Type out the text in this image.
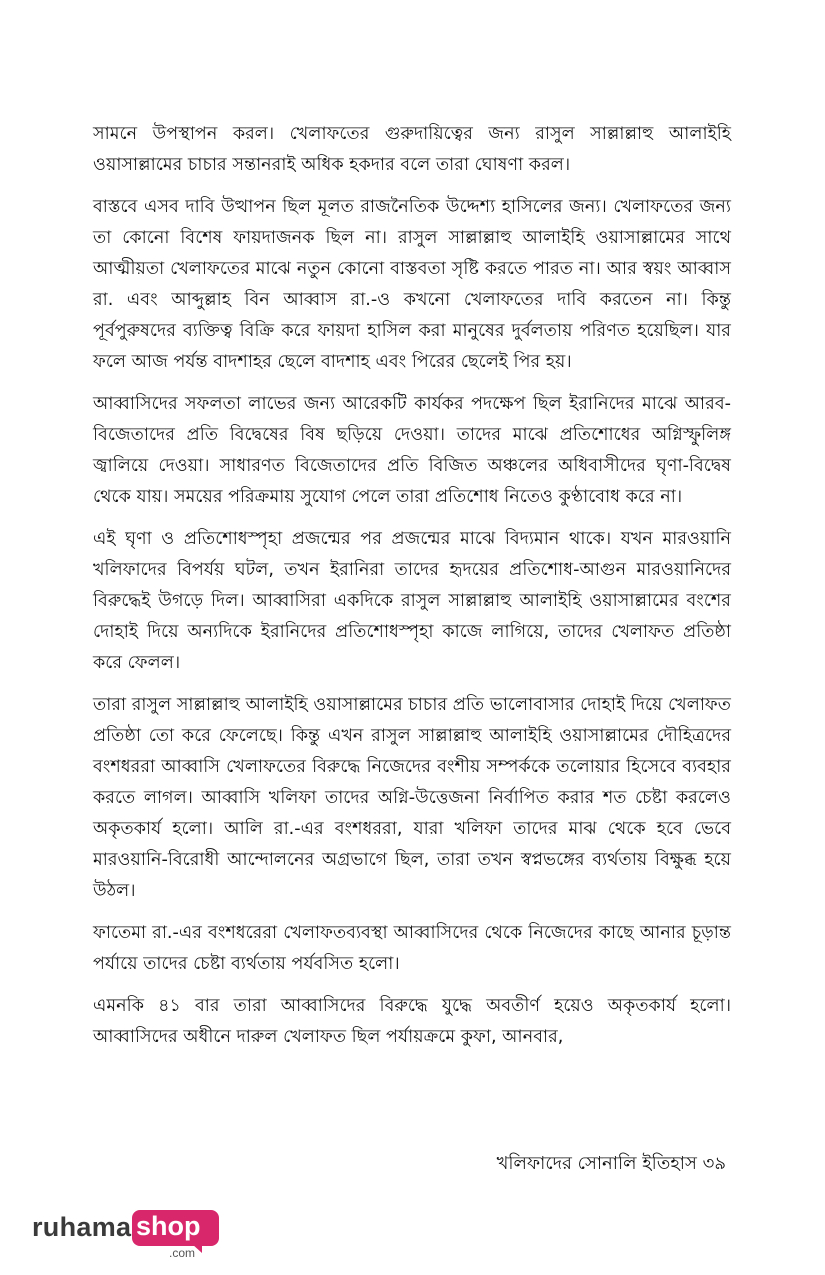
সামনে উপস্থাপন করল। খেলাফতের গুরুদায়িত্বের জন্য রাসুল সাল্লাল্লাহু আলাইহি ওয়াসাল্লামের চাচার সন্তানরাই অধিক হকদার বলে তারা ঘোষণা করল।

বাস্তবে এসব দাবি উত্থাপন ছিল মূলত রাজনৈতিক উদ্দেশ্য হাসিলের জন্য। খেলাফতের জন্য তা কোনো বিশেষ ফায়দাজনক ছিল না। রাসুল সাল্লাল্লাহু আলাইহি ওয়াসাল্লামের সাথে আত্মীয়তা খেলাফতের মাঝে নতুন কোনো বাস্তবতা সৃষ্টি করতে পারত না। আর স্বয়ং আব্বাস রা. এবং আব্দুল্লাহ বিন আব্বাস রা.-ও কখনো খেলাফতের দাবি করতেন না। কিন্তু পূর্বপুরুষদের ব্যক্তিত্ব বিক্রি করে ফায়দা হাসিল করা মানুষের দুর্বলতায় পরিণত হয়েছিল। যার ফলে আজ পর্যন্ত বাদশাহর ছেলে বাদশাহ এবং পিরের ছেলেই পির হয়।

আব্বাসিদের সফলতা লাভের জন্য আরেকটি কার্যকর পদক্ষেপ ছিল ইরানিদের মাঝে আরব-বিজেতাদের প্রতি বিদ্বেষের বিষ ছড়িয়ে দেওয়া। তাদের মাঝে প্রতিশোধের অগ্নিস্ফুলিঙ্গ জ্বালিয়ে দেওয়া। সাধারণত বিজেতাদের প্রতি বিজিত অঞ্চলের অধিবাসীদের ঘৃণা-বিদ্বেষ থেকে যায়। সময়ের পরিক্রমায় সুযোগ পেলে তারা প্রতিশোধ নিতেও কুণ্ঠাবোধ করে না।

এই ঘৃণা ও প্রতিশোধস্পৃহা প্রজন্মের পর প্রজন্মের মাঝে বিদ্যমান থাকে। যখন মারওয়ানি খলিফাদের বিপর্যয় ঘটল, তখন ইরানিরা তাদের হৃদয়ের প্রতিশোধ-আগুন মারওয়ানিদের বিরুদ্ধেই উগড়ে দিল। আব্বাসিরা একদিকে রাসুল সাল্লাল্লাহু আলাইহি ওয়াসাল্লামের বংশের দোহাই দিয়ে অন্যদিকে ইরানিদের প্রতিশোধস্পৃহা কাজে লাগিয়ে, তাদের খেলাফত প্রতিষ্ঠা করে ফেলল।

তারা রাসুল সাল্লাল্লাহু আলাইহি ওয়াসাল্লামের চাচার প্রতি ভালোবাসার দোহাই দিয়ে খেলাফত প্রতিষ্ঠা তো করে ফেলেছে। কিন্তু এখন রাসুল সাল্লাল্লাহু আলাইহি ওয়াসাল্লামের দৌহিত্রদের বংশধররা আব্বাসি খেলাফতের বিরুদ্ধে নিজেদের বংশীয় সম্পর্ককে তলোয়ার হিসেবে ব্যবহার করতে লাগল। আব্বাসি খলিফা তাদের অগ্নি-উত্তেজনা নির্বাপিত করার শত চেষ্টা করলেও অকৃতকার্য হলো। আলি রা.-এর বংশধররা, যারা খলিফা তাদের মাঝ থেকে হবে ভেবে মারওয়ানি-বিরোধী আন্দোলনের অগ্রভাগে ছিল, তারা তখন স্বপ্নভঙ্গের ব্যর্থতায় বিক্ষুব্ধ হয়ে উঠল।

ফাতেমা রা.-এর বংশধরেরা খেলাফতব্যবস্থা আব্বাসিদের থেকে নিজেদের কাছে আনার চূড়ান্ত পর্যায়ে তাদের চেষ্টা ব্যর্থতায় পর্যবসিত হলো।

এমনকি ৪১ বার তারা আব্বাসিদের বিরুদ্ধে যুদ্ধে অবতীর্ণ হয়েও অকৃতকার্য হলো। আব্বাসিদের অধীনে দারুল খেলাফত ছিল পর্যায়ক্রমে কুফা, আনবার,

খলিফাদের সোনালি ইতিহাস ৩৯
ruhama shop
.com
